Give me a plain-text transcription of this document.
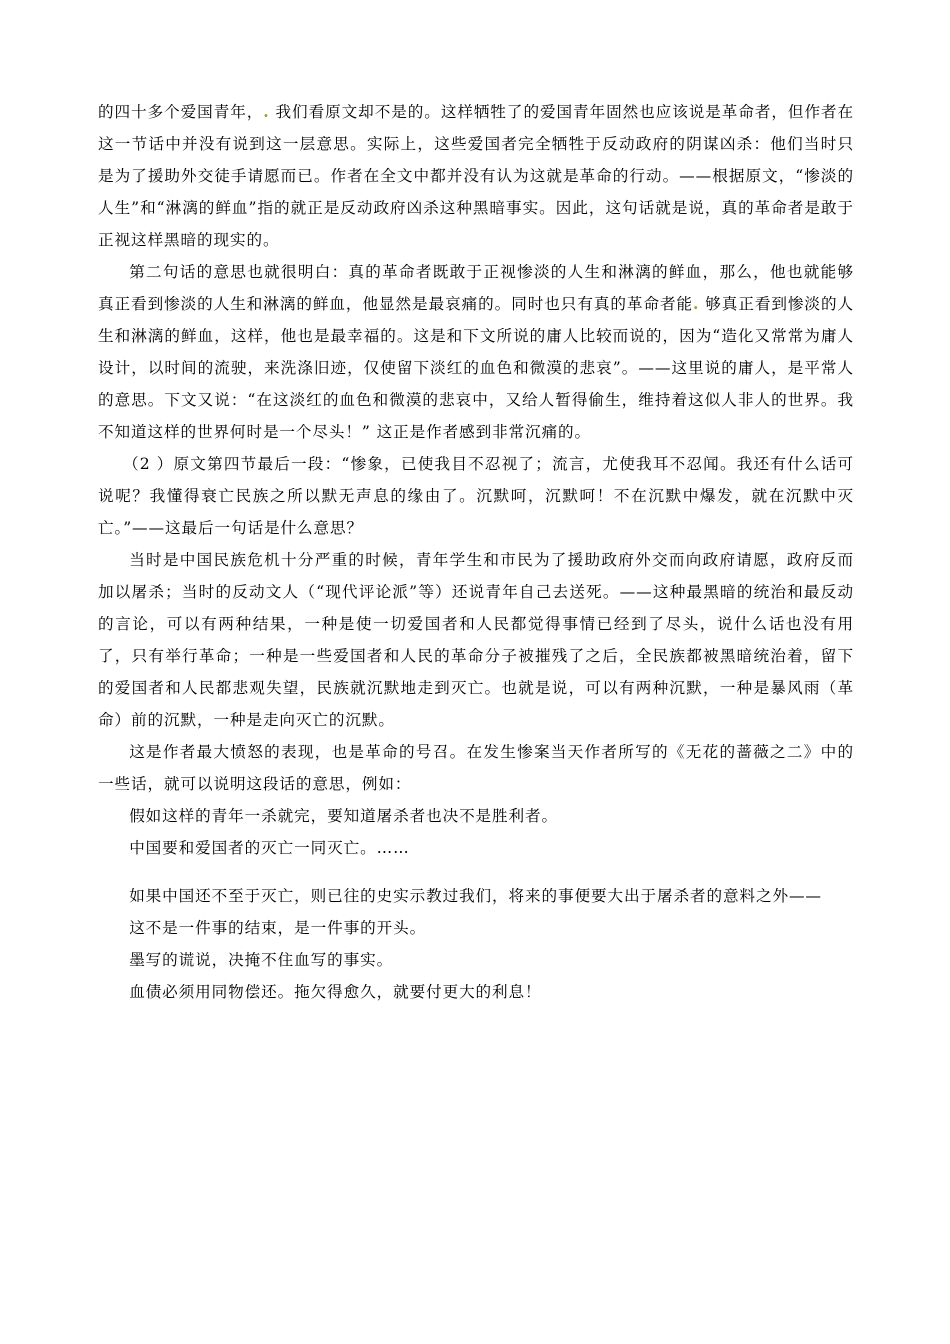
的四十多个爱国青年，. 我们看原文却不是的。这样牺牲了的爱国青年固然也应该说是革命者，但作者在这一节话中并没有说到这一层意思。实际上，这些爱国者完全牺牲于反动政府的阴谋凶杀：他们当时只是为了援助外交徒手请愿而已。作者在全文中都并没有认为这就是革命的行动。——根据原文，“惨淡的人生”和“淋漓的鲜血”指的就正是反动政府凶杀这种黑暗事实。因此，这句话就是说，真的革命者是敢于正视这样黑暗的现实的。

第二句话的意思也就很明白：真的革命者既敢于正视惨淡的人生和淋漓的鲜血，那么，他也就能够真正看到惨淡的人生和淋漓的鲜血，他显然是最哀痛的。同时也只有真的革命者能. 够真正看到惨淡的人生和淋漓的鲜血，这样，他也是最幸福的。这是和下文所说的庸人比较而说的，因为“造化又常常为庸人设计，以时间的流驶，来洗涤旧迹，仅使留下淡红的血色和微漠的悲哀”。——这里说的庸人，是平常人的意思。下文又说：“在这淡红的血色和微漠的悲哀中，又给人暂得偷生，维持着这似人非人的世界。我不知道这样的世界何时是一个尽头！” 这正是作者感到非常沉痛的。

（2 ）原文第四节最后一段：“惨象，已使我目不忍视了；流言，尤使我耳不忍闻。我还有什么话可说呢？我懂得衰亡民族之所以默无声息的缘由了。沉默呵，沉默呵！不在沉默中爆发，就在沉默中灭亡。”——这最后一句话是什么意思？

当时是中国民族危机十分严重的时候，青年学生和市民为了援助政府外交而向政府请愿，政府反而加以屠杀；当时的反动文人（“现代评论派”等）还说青年自己去送死。——这种最黑暗的统治和最反动的言论，可以有两种结果，一种是使一切爱国者和人民都觉得事情已经到了尽头，说什么话也没有用了，只有举行革命；一种是一些爱国者和人民的革命分子被摧残了之后，全民族都被黑暗统治着，留下的爱国者和人民都悲观失望，民族就沉默地走到灭亡。也就是说，可以有两种沉默，一种是暴风雨（革命）前的沉默，一种是走向灭亡的沉默。

这是作者最大愤怒的表现，也是革命的号召。在发生惨案当天作者所写的《无花的蔷薇之二》中的一些话，就可以说明这段话的意思，例如：

假如这样的青年一杀就完，要知道屠杀者也决不是胜利者。

中国要和爱国者的灭亡一同灭亡。……

如果中国还不至于灭亡，则已往的史实示教过我们，将来的事便要大出于屠杀者的意料之外——

这不是一件事的结束，是一件事的开头。

墨写的谎说，决掩不住血写的事实。

血债必须用同物偿还。拖欠得愈久，就要付更大的利息！
